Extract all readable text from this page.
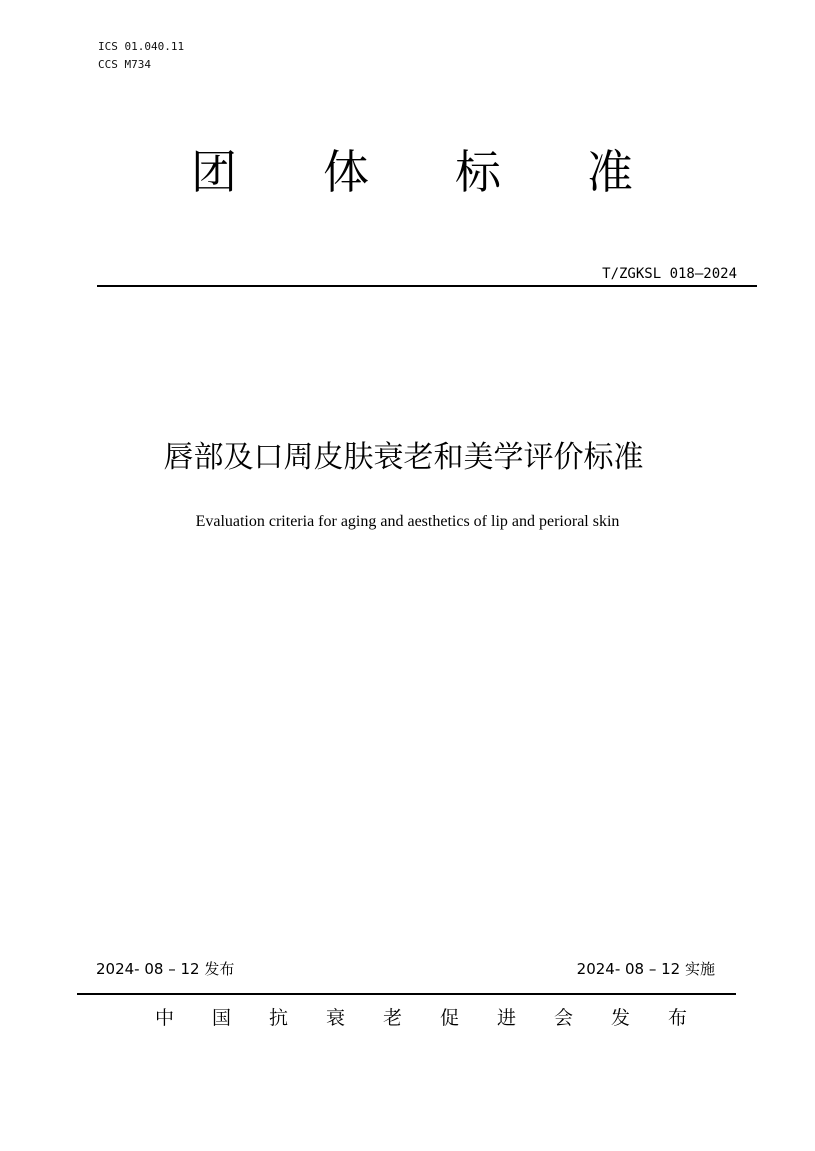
ICS 01.040.11
CCS M734
团 体 标 准
T/ZGKSL 018—2024
唇部及口周皮肤衰老和美学评价标准
Evaluation criteria for aging and aesthetics of lip and perioral skin
2024- 08 – 12 发布	2024- 08 – 12 实施
中 国 抗 衰 老 促 进 会 发 布
